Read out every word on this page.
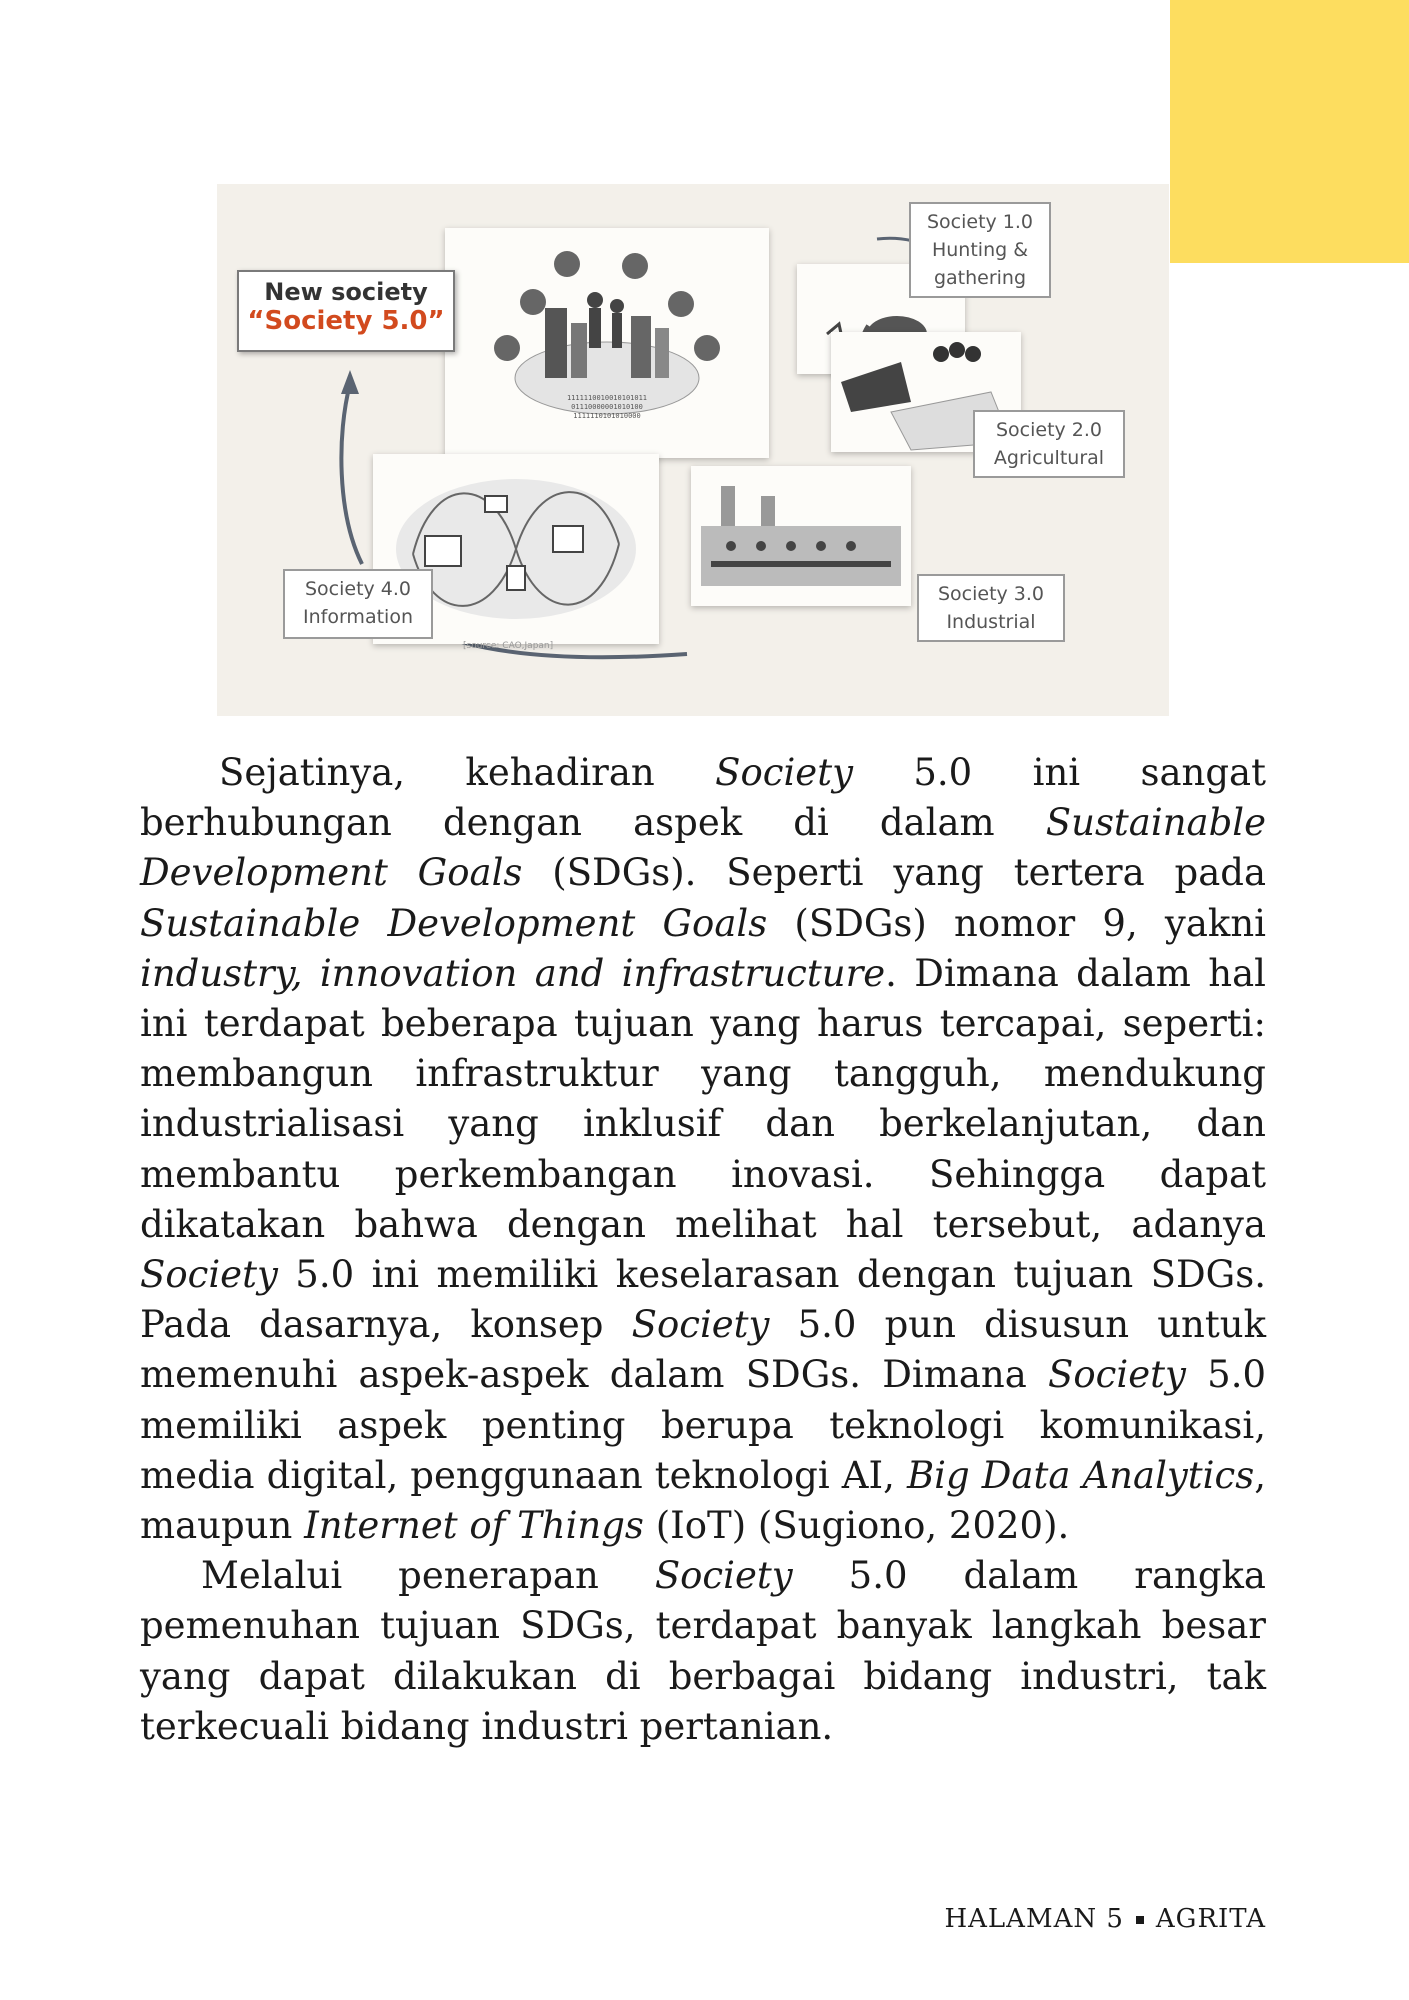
1111110010010101011
01110000001010100
1111110101010000
New society
“Society 5.0”
Society 1.0
Hunting &
gathering
Society 2.0
Agricultural
Society 3.0
Industrial
Society 4.0
Information
[source: CAO,Japan]

Sejatinya, kehadiran Society 5.0 ini sangat berhubungan dengan aspek di dalam Sustainable Development Goals (SDGs). Seperti yang tertera pada Sustainable Development Goals (SDGs) nomor 9, yakni industry, innovation and infrastructure. Dimana dalam hal ini terdapat beberapa tujuan yang harus tercapai, seperti: membangun infrastruktur yang tangguh, mendukung industrialisasi yang inklusif dan berkelanjutan, dan membantu perkembangan inovasi. Sehingga dapat dikatakan bahwa dengan melihat hal tersebut, adanya Society 5.0 ini memiliki keselarasan dengan tujuan SDGs. Pada dasarnya, konsep Society 5.0 pun disusun untuk memenuhi aspek-aspek dalam SDGs. Dimana Society 5.0 memiliki aspek penting berupa teknologi komunikasi, media digital, penggunaan teknologi AI, Big Data Analytics, maupun Internet of Things (IoT) (Sugiono, 2020).

Melalui penerapan Society 5.0 dalam rangka pemenuhan tujuan SDGs, terdapat banyak langkah besar yang dapat dilakukan di berbagai bidang industri, tak terkecuali bidang industri pertanian.

HALAMAN 5 AGRITA
